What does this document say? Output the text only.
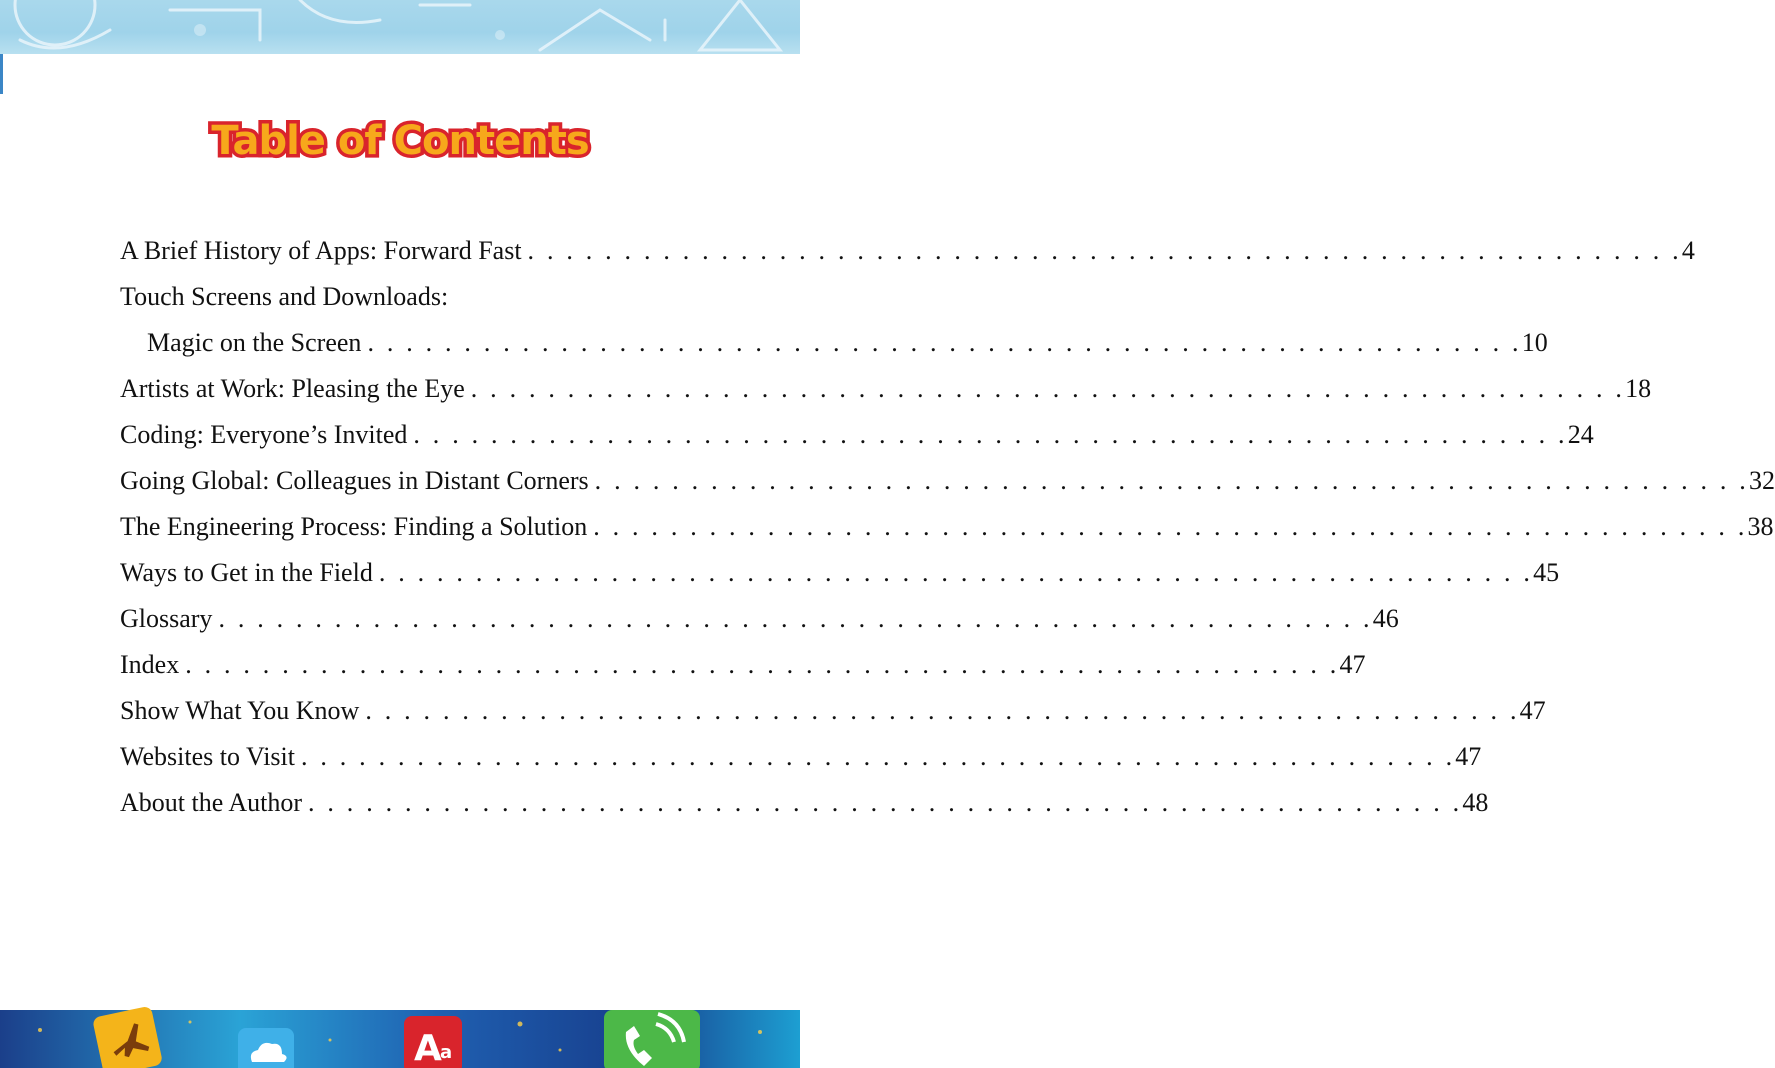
Table of Contents
A Brief History of Apps: Forward Fast . . . . . . . . . . . . . . . . . . . . . . . . . . . . . . . . . . . . . . . . . . . . . . . . . . . . . . . . . . . . 4
Touch Screens and Downloads:
Magic on the Screen . . . . . . . . . . . . . . . . . . . . . . . . . . . . . . . . . . . . . . . . . . . . . . . . . . . . . . . . . . . . 10
Artists at Work: Pleasing the Eye . . . . . . . . . . . . . . . . . . . . . . . . . . . . . . . . . . . . . . . . . . . . . . . . . . . . . . . . . . . . 18
Coding: Everyone’s Invited . . . . . . . . . . . . . . . . . . . . . . . . . . . . . . . . . . . . . . . . . . . . . . . . . . . . . . . . . . . . 24
Going Global: Colleagues in Distant Corners . . . . . . . . . . . . . . . . . . . . . . . . . . . . . . . . . . . . . . . . . . . . . . . . . . . . . . . . . . . . 32
The Engineering Process: Finding a Solution . . . . . . . . . . . . . . . . . . . . . . . . . . . . . . . . . . . . . . . . . . . . . . . . . . . . . . . . . . . . 38
Ways to Get in the Field . . . . . . . . . . . . . . . . . . . . . . . . . . . . . . . . . . . . . . . . . . . . . . . . . . . . . . . . . . . . 45
Glossary . . . . . . . . . . . . . . . . . . . . . . . . . . . . . . . . . . . . . . . . . . . . . . . . . . . . . . . . . . . . 46
Index . . . . . . . . . . . . . . . . . . . . . . . . . . . . . . . . . . . . . . . . . . . . . . . . . . . . . . . . . . . . 47
Show What You Know . . . . . . . . . . . . . . . . . . . . . . . . . . . . . . . . . . . . . . . . . . . . . . . . . . . . . . . . . . . . 47
Websites to Visit . . . . . . . . . . . . . . . . . . . . . . . . . . . . . . . . . . . . . . . . . . . . . . . . . . . . . . . . . . . . 47
About the Author . . . . . . . . . . . . . . . . . . . . . . . . . . . . . . . . . . . . . . . . . . . . . . . . . . . . . . . . . . . . 48
A
a
